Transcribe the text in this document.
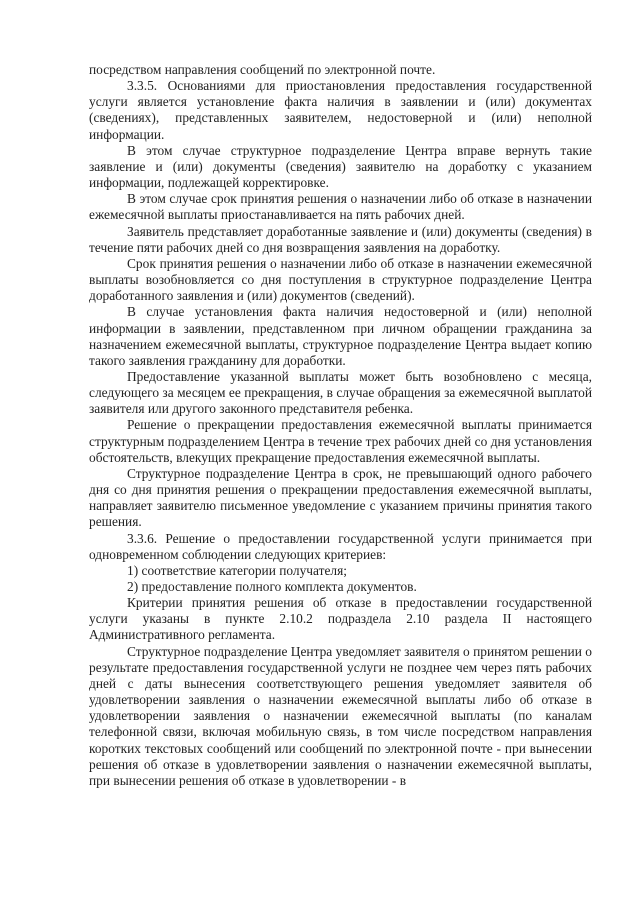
посредством направления сообщений по электронной почте.

3.3.5. Основаниями для приостановления предоставления государственной услуги является установление факта наличия в заявлении и (или) документах (сведениях), представленных заявителем, недостоверной и (или) неполной информации.

В этом случае структурное подразделение Центра вправе вернуть такие заявление и (или) документы (сведения) заявителю на доработку с указанием информации, подлежащей корректировке.

В этом случае срок принятия решения о назначении либо об отказе в назначении ежемесячной выплаты приостанавливается на пять рабочих дней.

Заявитель представляет доработанные заявление и (или) документы (сведения) в течение пяти рабочих дней со дня возвращения заявления на доработку.

Срок принятия решения о назначении либо об отказе в назначении ежемесячной выплаты возобновляется со дня поступления в структурное подразделение Центра доработанного заявления и (или) документов (сведений).

В случае установления факта наличия недостоверной и (или) неполной информации в заявлении, представленном при личном обращении гражданина за назначением ежемесячной выплаты, структурное подразделение Центра выдает копию такого заявления гражданину для доработки.

Предоставление указанной выплаты может быть возобновлено с месяца, следующего за месяцем ее прекращения, в случае обращения за ежемесячной выплатой заявителя или другого законного представителя ребенка.

Решение о прекращении предоставления ежемесячной выплаты принимается структурным подразделением Центра в течение трех рабочих дней со дня установления обстоятельств, влекущих прекращение предоставления ежемесячной выплаты.

Структурное подразделение Центра в срок, не превышающий одного рабочего дня со дня принятия решения о прекращении предоставления ежемесячной выплаты, направляет заявителю письменное уведомление с указанием причины принятия такого решения.

3.3.6. Решение о предоставлении государственной услуги принимается при одновременном соблюдении следующих критериев:

1) соответствие категории получателя;

2) предоставление полного комплекта документов.

Критерии принятия решения об отказе в предоставлении государственной услуги указаны в пункте 2.10.2 подраздела 2.10 раздела II настоящего Административного регламента.

Структурное подразделение Центра уведомляет заявителя о принятом решении о результате предоставления государственной услуги не позднее чем через пять рабочих дней с даты вынесения соответствующего решения уведомляет заявителя об удовлетворении заявления о назначении ежемесячной выплаты либо об отказе в удовлетворении заявления о назначении ежемесячной выплаты (по каналам телефонной связи, включая мобильную связь, в том числе посредством направления коротких текстовых сообщений или сообщений по электронной почте - при вынесении решения об отказе в удовлетворении заявления о назначении ежемесячной выплаты, при вынесении решения об отказе в удовлетворении - в
